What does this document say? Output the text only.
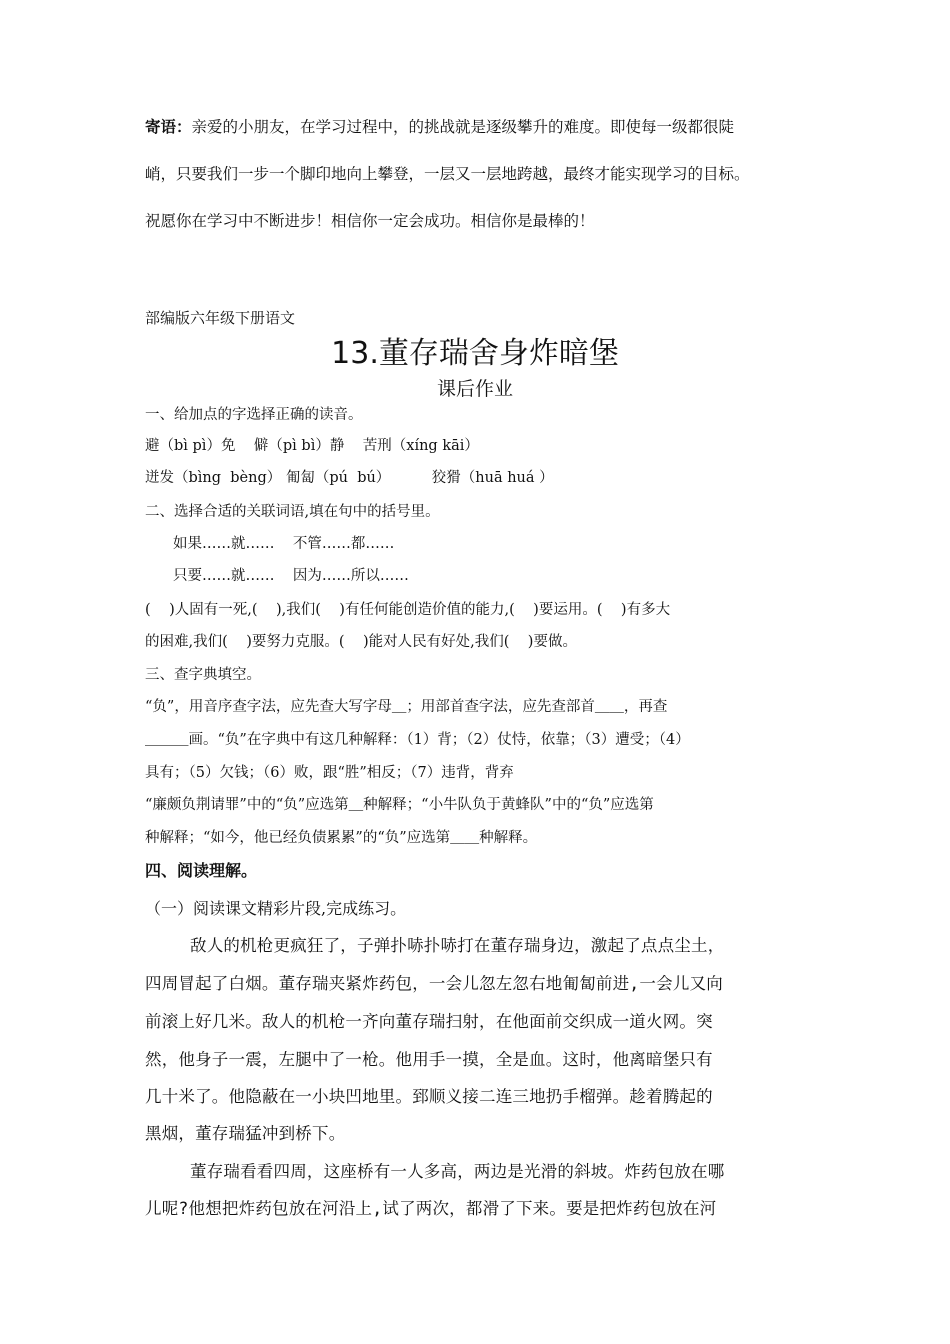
寄语：亲爱的小朋友，在学习过程中，的挑战就是逐级攀升的难度。即使每一级都很陡
峭，只要我们一步一个脚印地向上攀登，一层又一层地跨越，最终才能实现学习的目标。
祝愿你在学习中不断进步！相信你一定会成功。相信你是最棒的！
部编版六年级下册语文
13.董存瑞舍身炸暗堡
课后作业
一、给加点的字选择正确的读音。
避（bì pì）免    僻（pì bì）静    苦刑（xíng kāi）
迸发（bìng  bèng） 匍匐（pú  bú）         狡猾（huā huá ）
二、选择合适的关联词语,填在句中的括号里。
如果……就……    不管……都……
只要……就……    因为……所以……
(    )人固有一死,(    ),我们(    )有任何能创造价值的能力,(    )要运用。(    )有多大
的困难,我们(    )要努力克服。(    )能对人民有好处,我们(    )要做。
三、查字典填空。
“负”，用音序查字法，应先查大写字母＿；用部首查字法，应先查部首＿＿，再查
＿＿＿画。“负”在字典中有这几种解释：（1）背；（2）仗恃，依靠；（3）遭受；（4）
具有；（5）欠钱；（6）败，跟“胜”相反；（7）违背，背弃
“廉颇负荆请罪”中的“负”应选第＿种解释；“小牛队负于黄蜂队”中的“负”应选第
种解释；“如今，他已经负债累累”的“负”应选第＿＿种解释。
四、阅读理解。
（一）阅读课文精彩片段,完成练习。
敌人的机枪更疯狂了，子弹扑哧扑哧打在董存瑞身边，激起了点点尘土，
四周冒起了白烟。董存瑞夹紧炸药包，一会儿忽左忽右地匍匐前进,一会儿又向
前滚上好几米。敌人的机枪一齐向董存瑞扫射，在他面前交织成一道火网。突
然，他身子一震，左腿中了一枪。他用手一摸，全是血。这时，他离暗堡只有
几十米了。他隐蔽在一小块凹地里。郅顺义接二连三地扔手榴弹。趁着腾起的
黑烟，董存瑞猛冲到桥下。
董存瑞看看四周，这座桥有一人多高，两边是光滑的斜坡。炸药包放在哪
儿呢?他想把炸药包放在河沿上,试了两次，都滑了下来。要是把炸药包放在河
